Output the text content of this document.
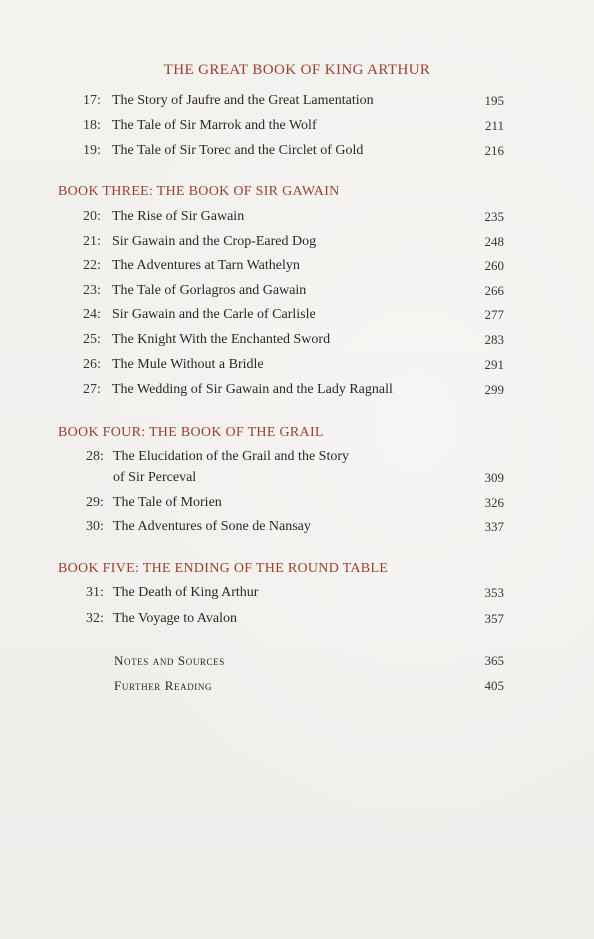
THE GREAT BOOK OF KING ARTHUR
17: The Story of Jaufre and the Great Lamentation	195
18: The Tale of Sir Marrok and the Wolf	211
19: The Tale of Sir Torec and the Circlet of Gold	216
BOOK THREE: THE BOOK OF SIR GAWAIN
20: The Rise of Sir Gawain	235
21: Sir Gawain and the Crop-Eared Dog	248
22: The Adventures at Tarn Wathelyn	260
23: The Tale of Gorlagros and Gawain	266
24: Sir Gawain and the Carle of Carlisle	277
25: The Knight With the Enchanted Sword	283
26: The Mule Without a Bridle	291
27: The Wedding of Sir Gawain and the Lady Ragnall	299
BOOK FOUR: THE BOOK OF THE GRAIL
28: The Elucidation of the Grail and the Story
of Sir Perceval	309
29: The Tale of Morien	326
30: The Adventures of Sone de Nansay	337
BOOK FIVE: THE ENDING OF THE ROUND TABLE
31: The Death of King Arthur	353
32: The Voyage to Avalon	357
Notes and Sources	365
Further Reading	405
